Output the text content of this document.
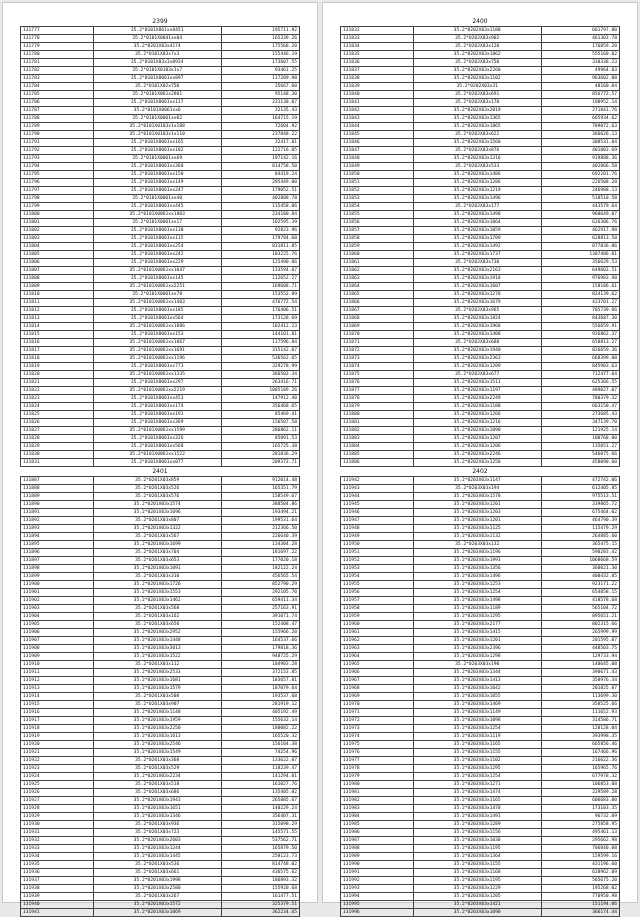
2399
131777	35.2*0101X061xx8451	195711.92
131778	35.2*0101X0041xx04	165339.26
131779	35.2*0201X03x4174	175568.20
131780	35.2*0101X03x7x3	155446.19
131781	35.2*0101X03x3x8934	173607.55
131782	35.2*0101X0103x1x7	93461.25
131783	35.2*0101X0061xx897	117209.98
131784	35.2*0101X02x750	35667.60
131785	35.2*0101X061x2801	95148.30
131786	35.2*0101X0061xx117	231138.07
131787	35.2*0101X0061xx6	32135.43
131788	35.2*0101X0061xx02	164715.19
131789	35.2*0101X0103x1x188	72604.92
131790	35.2*0101X0103x1x110	237848.22
131791	35.2*0101X0061xx165	32417.01
131792	35.2*0101X0061xx102	122716.05
131793	35.2*0101X0061xx69	197142.16
131794	35.2*0101X0061xx368	814758.50
131795	35.2*0101X0061xx150	84419.24
131796	35.2*0101X0061xx149	295449.00
131797	35.2*0101X0061xx247	179052.51
131798	35.2*0101X0061xx40	402808.78
131799	35.2*0101X0061xx445	115458.06
131800	35.2*0101X0061xx1803	234180.84
131801	35.2*0101X0061xx17	102595.39
131802	35.2*0101X0061xx130	92823.96
131803	35.2*0101X0061xx115	179784.68
131804	35.2*0101X0061xx254	831811.85
131805	35.2*0101X0061xx242	103225.76
131806	35.2*0101X0061xx229	125490.86
131807	35.2*0101X0061xx1047	133594.07
131808	35.2*0101X0061xx145	112652.27
131809	35.2*0101X0061xx2251	169608.71
131810	35.2*0101X0061xx78	153552.89
131811	35.2*0101X0061xx1403	476772.54
131812	35.2*0101X0061xx185	176406.51
131813	35.2*0101X0061xx564	173128.69
131814	35.2*0101X0061xx1886	182412.23
131815	35.2*0101X0061xx153	144101.81
131816	35.2*0101X0061xx1867	117596.84
131817	35.2*0101X0061xx1691	315142.07
131818	35.2*0101X0061xx1196	536562.65
131819	35.2*0101X0061xx773	329278.99
131820	35.2*0101X0061xx1335	366503.34
131821	35.2*0101X0061xx297	263416.71
131822	35.2*0101X0061xx2219	1085189.26
131823	35.2*0101X0061xx453	147912.40
131824	35.2*0101X0061xx174	356468.65
131825	35.2*0101X0061xx191	85469.41
131826	35.2*0101X0061xx369	156507.58
131827	35.2*0101X0061xx1599	286862.11
131828	35.2*0101X0061xx326	85891.53
131829	35.2*0101X0061xx568	165725.38
131830	35.2*0101X0061xx1522	281836.29
131831	35.2*0101X0061xx077	209373.71
2401
131887	35.2*0201X03x859	912014.48
131888	35.2*0201X03x526	165351.79
131889	35.2*0201X03x576	158549.67
131890	35.2*0201X03x1574	388504.86
131891	35.2*0201X03x1696	193494.21
131892	35.2*0201X03x807	199531.64
131893	35.2*0201X03x1322	212366.50
131894	35.2*0201X03x567	226640.39
131895	35.2*0201X03x1699	134304.28
131896	35.2*0201X03x704	181697.22
131897	35.2*0201X03x653	177020.18
131898	35.2*0201X03x1091	182122.24
131899	35.2*0201X03x310	456565.54
131900	35.2*0201X03x1726	852790.29
131901	35.2*0201X03x1553	292105.70
131902	35.2*0201X03x1462	659411.34
131903	35.2*0201X03x568	257163.91
131904	35.2*0201X03x162	391071.74
131905	35.2*0201X03x650	152408.47
131906	35.2*0201X03x2952	155966.20
131907	35.2*0201X03x1448	164537.66
131908	35.2*0201X03x3013	179818.36
131909	35.2*0201X03x1522	948725.29
131910	35.2*0201X03x112	104903.28
131911	35.2*0201X03x2533	372153.85
131912	35.2*0201X03x1681	183657.81
131913	35.2*0201X03x1579	187079.64
131914	35.2*0201X03x508	193537.68
131915	35.2*0201X03x907	281919.12
131916	35.2*0201X03x1148	405192.49
131917	35.2*0201X03x1959	155632.14
131918	35.2*0201X03x2250	180082.22
131919	35.2*0201X03x1613	165520.32
131920	35.2*0201X03x2546	156104.38
131921	35.2*0201X03x1549	74254.96
131922	35.2*0201X03x368	133622.07
131923	35.2*0201X03x529	118239.47
131924	35.2*0201X03x2234	141294.01
131925	35.2*0201X03x518	161027.76
131926	35.2*0201X03x686	135405.82
131927	35.2*0201X03x1943	265885.67
131928	35.2*0201X03x1651	140229.24
131929	35.2*0201X03x1346	356407.31
131930	35.2*0201X03x936	315098.29
131931	35.2*0201X03x723	145571.55
131932	35.2*0201X03x2603	537562.71
131933	35.2*0201X03x1244	165879.50
131934	35.2*0201X03x1445	258123.73
131935	35.2*0201X03x536	814748.02
131936	35.2*0201X03x661	436575.62
131937	35.2*0201X03x1998	186893.32
131938	35.2*0201X03x2580	155920.68
131939	35.2*0201X03x267	161477.51
131940	35.2*0201X03x1572	325379.51
131941	35.2*0201X03x1069	362234.65
2400
131832	35.2*0202X03x1180	661797.80
131833	35.2*0202X03x902	461303.78
131834	35.2*0202X03x120	176859.20
131835	35.2*0202X03x1862	555160.82
131836	35.2*0202X03x750	330338.23
131837	35.2*0202X03x2260	49964.03
131838	35.2*0202X03x1102	963602.08
131839	35.2*0202X03x31	48160.04
131840	35.2*0202X03x691	856772.57
131841	35.2*0202X03x170	190952.14
131842	35.2*0202X03x2019	271841.76
131843	35.2*0202X03x1365	665934.62
131844	35.2*0202X03x1865	789072.63
131845	35.2*0202X03x622	366626.13
131846	35.2*0202X03x1560	308531.04
131847	35.2*0202X03x876	401803.69
131848	35.2*0202X03x1316	919888.36
131849	35.2*0202X03x533	402866.58
131850	35.2*0202X03x1486	692201.76
131851	35.2*0202X03x1286	226508.28
131852	35.2*0202X03x1219	246988.13
131853	35.2*0202X03x1496	518510.58
131854	35.2*0202X03x177	443579.64
131855	35.2*0202X03x1498	968649.07
131856	35.2*0202X03x1064	626306.76
131857	35.2*0202X03x1059	462917.98
131858	35.2*0202X03x1709	628813.58
131859	35.2*0202X03x1492	877836.86
131860	35.2*0202X03x1737	1307486.81
131861	35.2*0202X03x730	356629.53
131862	35.2*0202X03x2163	649603.51
131863	35.2*0202X03x1918	976983.98
131864	35.2*0202X03x1607	158186.61
131865	35.2*0202X03x1278	824139.62
131866	35.2*0202X03x1679	423701.27
131867	35.2*0202X03x965	705739.66
131868	35.2*0202X03x1824	843687.30
131869	35.2*0202X03x1968	556659.91
131870	35.2*0202X03x1408	926862.37
131871	35.2*0202X03x688	658813.27
131872	35.2*0202X03x1940	826659.36
131873	35.2*0202X03x2363	668399.08
131874	35.2*0202X03x1209	845903.63
131875	35.2*0202X03x677	712477.64
131876	35.2*0202X03x1511	625366.55
131877	35.2*0202X03x1197	489027.07
131878	35.2*0202X03x2249	780379.32
131879	35.2*0202X03x1180	663150.47
131880	35.2*0202X03x1266	273685.43
131881	35.2*0202X03x1216	347139.70
131882	35.2*0202X03x1090	121925.14
131883	35.2*0202X03x1207	100768.00
131884	35.2*0202X03x1206	135051.27
131885	35.2*0202X03x2246	546075.66
131886	35.2*0202X03x1258	458090.60
2402
131942	35.2*0203X03x1147	472742.06
131943	35.2*0203X03x194	612405.85
131944	35.2*0203X03x1578	975513.51
131945	35.2*0203X03x1201	339865.72
131946	35.2*0203X03x1203	675464.02
131947	35.2*0203X03x1201	464790.39
131948	35.2*0203X03x1125	115479.29
131949	35.2*0203X03x1132	264885.60
131950	35.2*0203X03x132	365475.15
131951	35.2*0203X03x1196	590283.42
131952	35.2*0203X03x1993	1068668.59
131953	35.2*0203X03x1356	360021.30
131954	35.2*0203X03x1496	400432.05
131955	35.2*0203X03x1253	923171.22
131956	35.2*0203X03x1254	654858.15
131957	35.2*0203X03x1498	418578.68
131958	35.2*0203X03x1189	565104.72
131959	35.2*0203X03x1295	895651.21
131960	35.2*0203X03x2177	802315.66
131961	35.2*0203X03x1415	265999.99
131962	35.2*0203X03x1201	201595.07
131963	35.2*0203X03x2396	448503.75
131964	35.2*0203X03x1298	129733.94
131965	35.2*0203X03x190	140645.08
131966	35.2*0203X03x1344	390671.43
131967	35.2*0203X03x1413	358976.34
131968	35.2*0203X03x1042	201825.07
131969	35.2*0203X03x1055	113699.30
131970	35.2*0203X03x1469	358525.66
131971	35.2*0203X03x1149	111652.93
131972	35.2*0203X03x1098	314586.71
131973	35.2*0203X03x1254	120128.04
131974	35.2*0203X03x1119	393998.35
131975	35.2*0203X03x1165	665856.46
131976	35.2*0203X03x1155	167466.96
131977	35.2*0203X03x1102	216622.36
131978	35.2*0203X03x1295	165965.76
131979	35.2*0203X03x1254	677978.32
131980	35.2*0203X03x1271	106853.08
131981	35.2*0203X03x1474	229589.28
131982	35.2*0203X03x1165	606683.00
131983	35.2*0203X03x1478	173103.35
131984	35.2*0203X03x1491	96732.09
131985	35.2*0203X03x1289	275858.95
131986	35.2*0203X03x1156	495461.13
131987	35.2*0203X03x1030	295662.98
131988	35.2*0203X03x1195	706840.08
131989	35.2*0203X03x1364	159599.16
131990	35.2*0203X03x1155	431196.60
131991	35.2*0203X03x1168	628962.09
131992	35.2*0203X03x1195	565675.20
131993	35.2*0203X03x1229	195268.02
131994	35.2*0203X03x1205	770950.98
131995	35.2*0203X03x1421	151194.06
131996	35.2*0203X03x1090	366174.44
